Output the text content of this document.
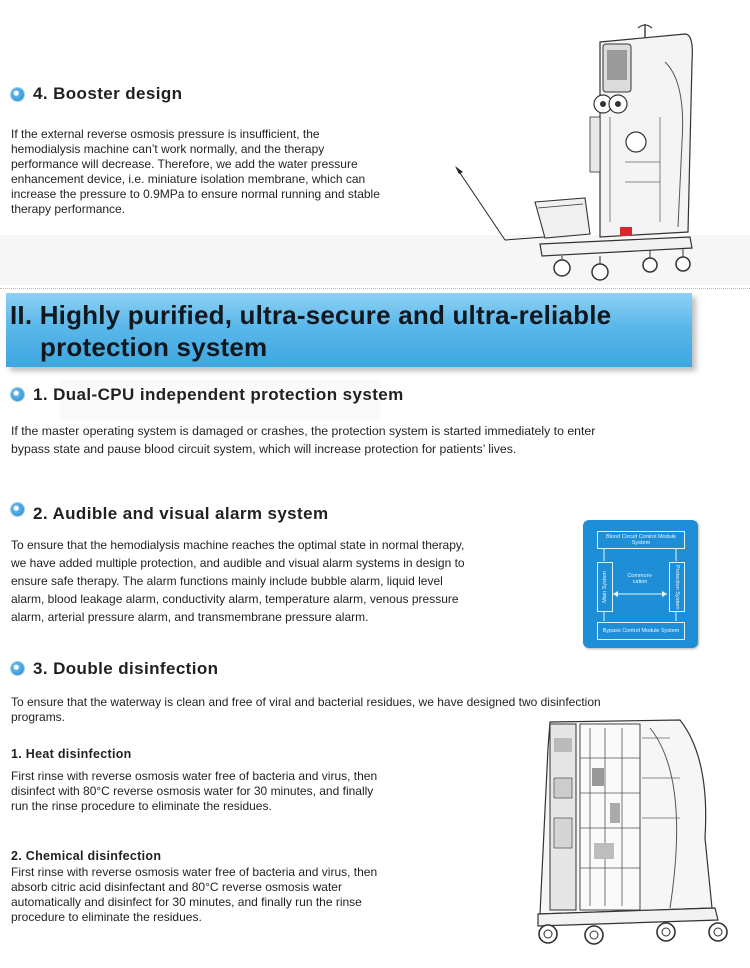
4. Booster design
If the external reverse osmosis pressure is insufficient, the
hemodialysis machine can’t work normally, and the therapy
performance will decrease. Therefore, we add the water pressure
enhancement device, i.e. miniature isolation membrane, which can
increase the pressure to 0.9MPa to ensure normal running and stable
therapy performance.
II. Highly purified, ultra-secure and ultra-reliable
protection system
1. Dual-CPU independent protection system
If the master operating system is damaged or crashes, the protection system is started immediately to enter
bypass state and pause blood circuit system, which will increase protection for patients’ lives.
2. Audible and visual alarm system
To ensure that the hemodialysis machine reaches the optimal state in normal therapy,
we have added multiple protection, and audible and visual alarm systems in design to
ensure safe therapy. The alarm functions mainly include bubble alarm, liquid level
alarm, blood leakage alarm, conductivity alarm, temperature alarm, venous pressure
alarm, arterial pressure alarm, and transmembrane pressure alarm.
Blood Circuit Control Module System
Main System	Protection System
Communi-cation
Bypass Control Module System
3. Double disinfection
To ensure that the waterway is clean and free of viral and bacterial residues, we have designed two disinfection
programs.
1. Heat disinfection
First rinse with reverse osmosis water free of bacteria and virus, then
disinfect with 80°C reverse osmosis water for 30 minutes, and finally
run the rinse procedure to eliminate the residues.
2. Chemical disinfection
First rinse with reverse osmosis water free of bacteria and virus, then
absorb citric acid disinfectant and 80°C reverse osmosis water
automatically and disinfect for 30 minutes, and finally run the rinse
procedure to eliminate the residues.
